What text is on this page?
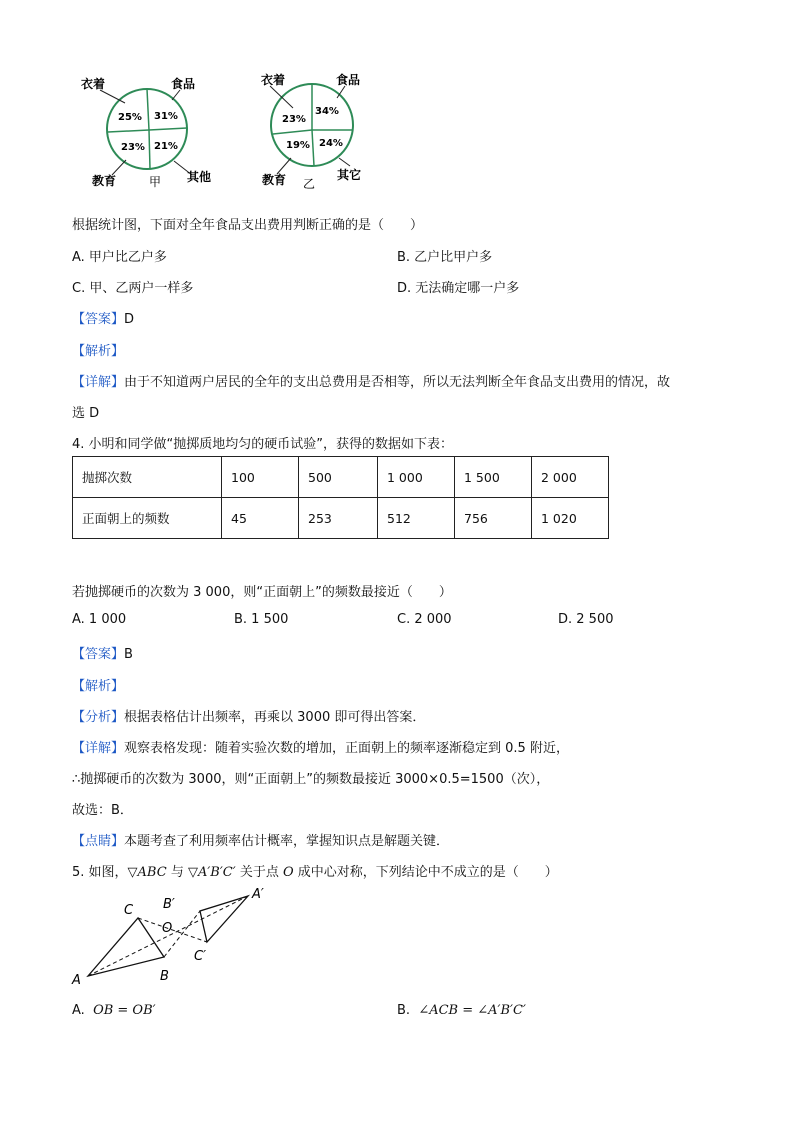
25% 31%
23% 21%
衣着	食品
教育	甲 其他
23%
34%
19% 24%
衣着	食品
教育 乙
其它
根据统计图，下面对全年食品支出费用判断正确的是（　　）
A. 甲户比乙户多	B. 乙户比甲户多
C. 甲、乙两户一样多	D. 无法确定哪一户多
【答案】D
【解析】
【详解】由于不知道两户居民的全年的支出总费用是否相等，所以无法判断全年食品支出费用的情况，故
选 D
4. 小明和同学做“抛掷质地均匀的硬币试验”，获得的数据如下表：
抛掷次数	100	500	1 000	1 500	2 000
正面朝上的频数	45	253	512	756	1 020
若抛掷硬币的次数为 3 000，则“正面朝上”的频数最接近（　　）
A. 1 000	B. 1 500	C. 2 000	D. 2 500
【答案】B
【解析】
【分析】根据表格估计出频率，再乘以 3000 即可得出答案．
【详解】观察表格发现：随着实验次数的增加，正面朝上的频率逐渐稳定到 0.5 附近，
∴抛掷硬币的次数为 3000，则“正面朝上”的频数最接近 3000×0.5=1500（次），
故选：B．
【点睛】本题考查了利用频率估计概率，掌握知识点是解题关键．
5. 如图，▽ABC 与 ▽A′B′C′ 关于点 O 成中心对称，下列结论中不成立的是（　　）
A
C
B
O
B′
A′
C′
A. OB = OB′	B. ∠ACB = ∠A′B′C′
